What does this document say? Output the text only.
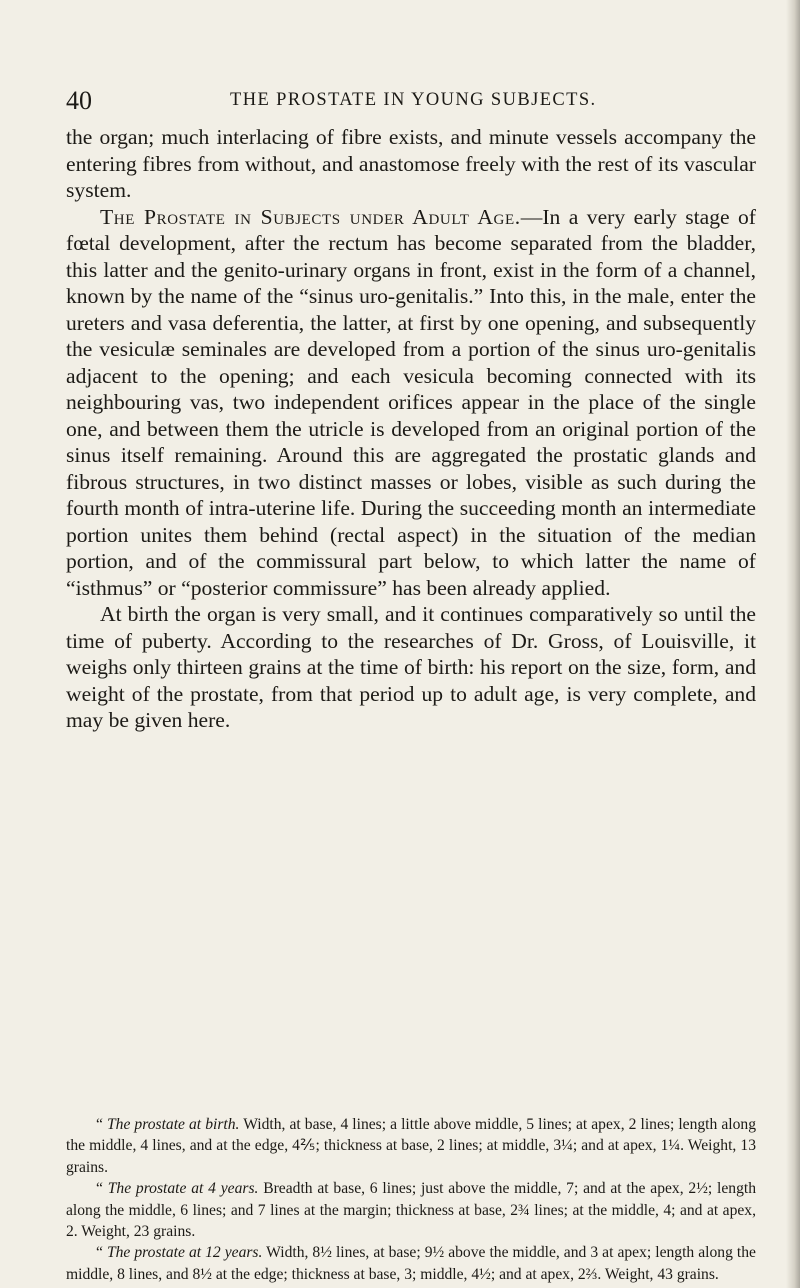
40	THE PROSTATE IN YOUNG SUBJECTS.

the organ; much interlacing of fibre exists, and minute vessels accompany the entering fibres from without, and anastomose freely with the rest of its vascular system.

The Prostate in Subjects under Adult Age.—In a very early stage of fœtal development, after the rectum has become separated from the bladder, this latter and the genito-urinary organs in front, exist in the form of a channel, known by the name of the “sinus uro-genitalis.” Into this, in the male, enter the ureters and vasa deferentia, the latter, at first by one opening, and subsequently the vesiculæ seminales are developed from a portion of the sinus uro-genitalis adjacent to the opening; and each vesicula becoming connected with its neighbouring vas, two independent orifices appear in the place of the single one, and between them the utricle is developed from an original portion of the sinus itself remaining. Around this are aggregated the prostatic glands and fibrous structures, in two distinct masses or lobes, visible as such during the fourth month of intra-uterine life. During the succeeding month an intermediate portion unites them behind (rectal aspect) in the situation of the median portion, and of the commissural part below, to which latter the name of “isthmus” or “posterior commissure” has been already applied.

At birth the organ is very small, and it continues comparatively so until the time of puberty. According to the researches of Dr. Gross, of Louisville, it weighs only thirteen grains at the time of birth: his report on the size, form, and weight of the prostate, from that period up to adult age, is very complete, and may be given here.

“ The prostate at birth. Width, at base, 4 lines; a little above middle, 5 lines; at apex, 2 lines; length along the middle, 4 lines, and at the edge, 4⅖; thickness at base, 2 lines; at middle, 3¼; and at apex, 1¼. Weight, 13 grains.

“ The prostate at 4 years. Breadth at base, 6 lines; just above the middle, 7; and at the apex, 2½; length along the middle, 6 lines; and 7 lines at the margin; thickness at base, 2¾ lines; at the middle, 4; and at apex, 2. Weight, 23 grains.

“ The prostate at 12 years. Width, 8½ lines, at base; 9½ above the middle, and 3 at apex; length along the middle, 8 lines, and 8½ at the edge; thickness at base, 3; middle, 4½; and at apex, 2⅔. Weight, 43 grains.
